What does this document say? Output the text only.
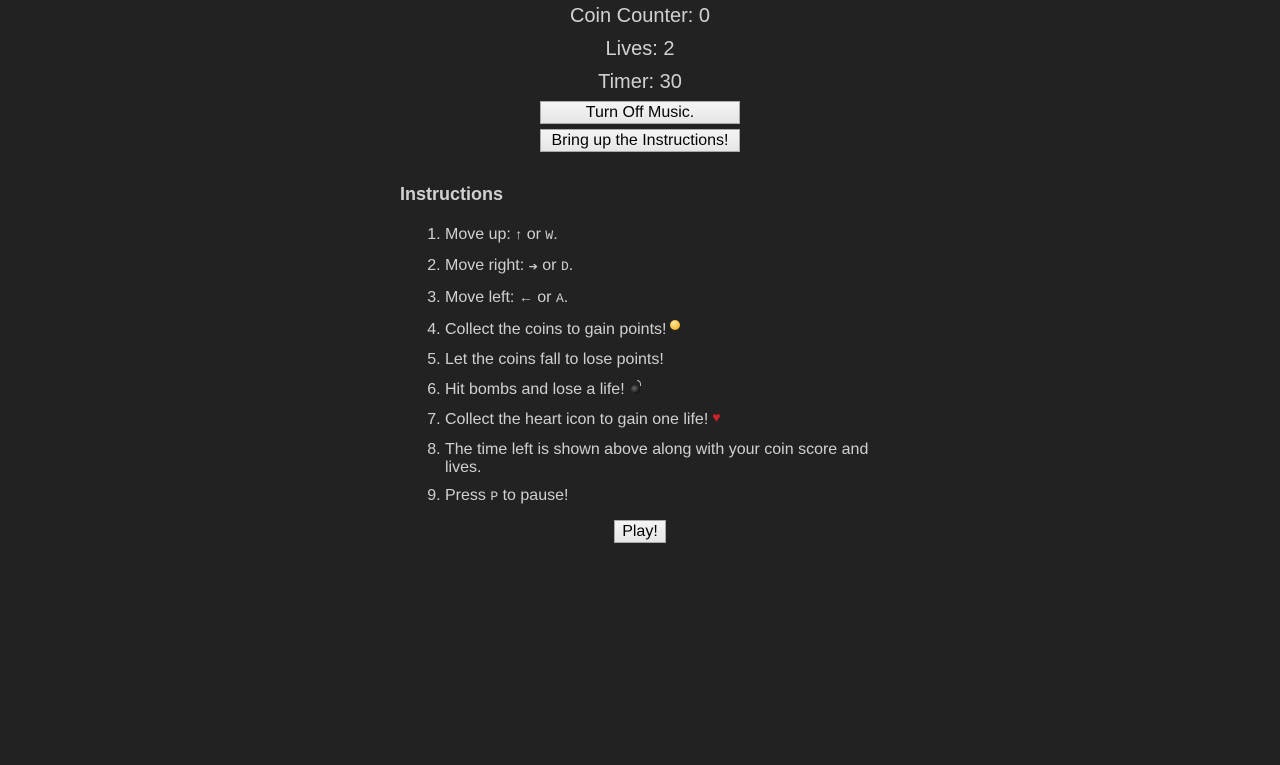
Coin Counter: 0
Lives: 2
Timer: 30
Turn Off Music.
Bring up the Instructions!
Instructions
1. Move up: ↑ or W.
2. Move right: ➔ or D.
3. Move left: ← or A.
4. Collect the coins to gain points!
5. Let the coins fall to lose points!
6. Hit bombs and lose a life!
7. Collect the heart icon to gain one life! ♥
8. The time left is shown above along with your coin score and lives.
9. Press P to pause!
Play!
